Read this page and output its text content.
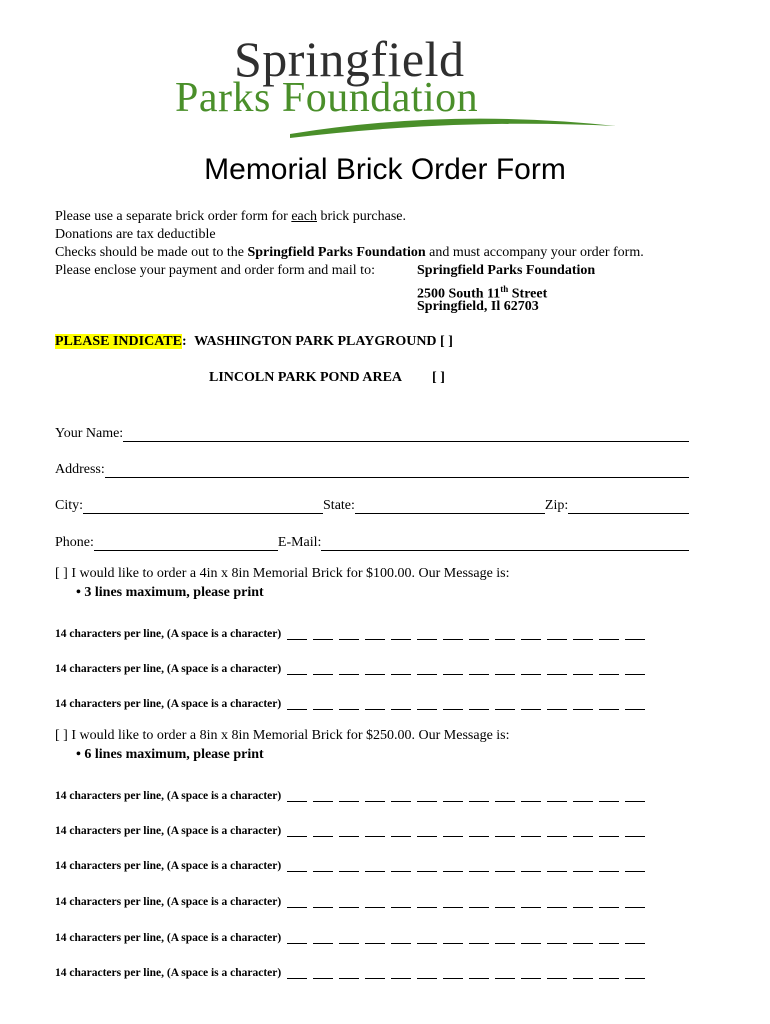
Springfield
Parks Foundation
Memorial Brick Order Form
Please use a separate brick order form for each brick purchase.
Donations are tax deductible
Checks should be made out to the Springfield Parks Foundation and must accompany your order form.
Please enclose your payment and order form and mail to:	Springfield Parks Foundation
2500 South 11th Street
Springfield, Il 62703
PLEASE INDICATE: WASHINGTON PARK PLAYGROUND [ ]
LINCOLN PARK POND AREA [ ]
Your Name:
Address:
City:	State:	Zip:
Phone:	E-Mail:
[ ] I would like to order a 4in x 8in Memorial Brick for $100.00. Our Message is:
• 3 lines maximum, please print
14 characters per line, (A space is a character)
14 characters per line, (A space is a character)
14 characters per line, (A space is a character)
[ ] I would like to order a 8in x 8in Memorial Brick for $250.00. Our Message is:
• 6 lines maximum, please print
14 characters per line, (A space is a character)
14 characters per line, (A space is a character)
14 characters per line, (A space is a character)
14 characters per line, (A space is a character)
14 characters per line, (A space is a character)
14 characters per line, (A space is a character)
